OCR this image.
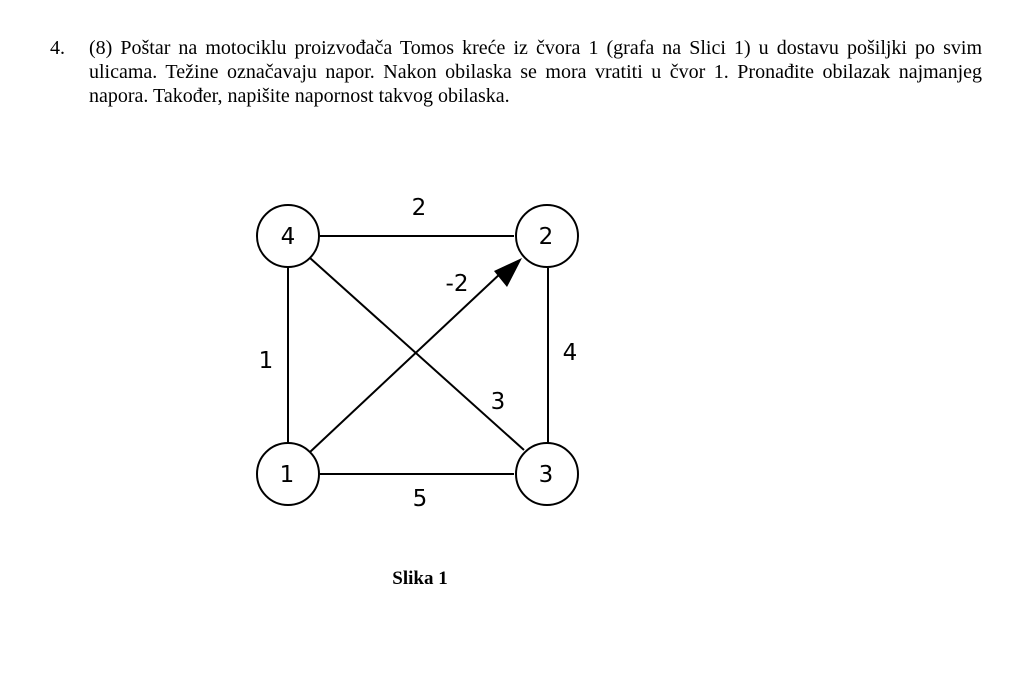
4.	(8) Poštar na motociklu proizvođača Tomos kreće iz čvora 1 (grafa na Slici 1) u dostavu pošiljki po svim ulicama. Težine označavaju napor. Nakon obilaska se mora vratiti u čvor 1. Pronađite obilazak najmanjeg napora. Također, napišite napornost takvog obilaska.
4	2
1	3
2
1	4
5
-2
3
Slika 1
